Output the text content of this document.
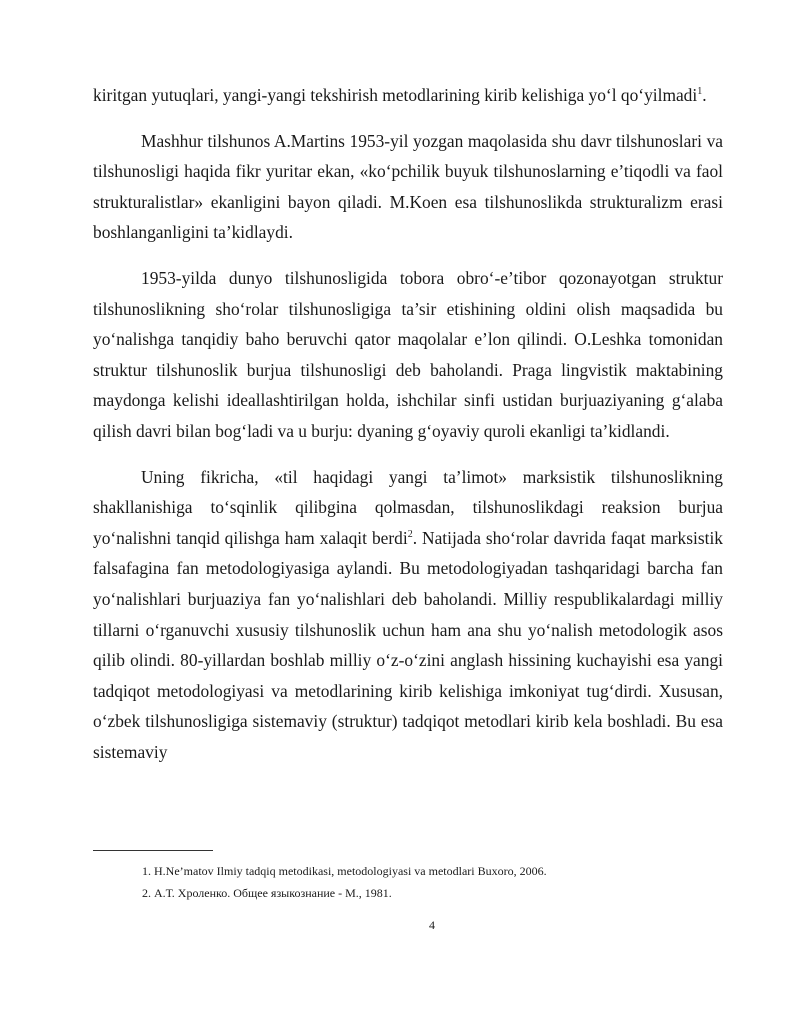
kiritgan yutuqlari, yangi-yangi tekshirish metodlarining kirib kelishiga yo‘l qo‘yilmadi$^1$.

Mashhur tilshunos A.Martins 1953-yil yozgan maqolasida shu davr tilshunoslari va tilshunosligi haqida fikr yuritar ekan, «ko‘pchilik buyuk tilshunoslarning e’tiqodli va faol strukturalistlar» ekanligini bayon qiladi. M.Koen esa tilshunoslikda strukturalizm erasi boshlanganligini ta’kidlaydi.

1953-yilda dunyo tilshunosligida tobora obro‘-e’tibor qozonayotgan struktur tilshunoslikning sho‘rolar tilshunosligiga ta’sir etishining oldini olish maqsadida bu yo‘nalishga tanqidiy baho beruvchi qator maqolalar e’lon qilindi. O.Leshka tomonidan struktur tilshunoslik burjua tilshunosligi deb baholandi. Praga lingvistik maktabining maydonga kelishi ideallashtirilgan holda, ishchilar sinfi ustidan burjuaziyaning g‘alaba qilish davri bilan bog‘ladi va u burju: dyaning g‘oyaviy quroli ekanligi ta’kidlandi.

Uning fikricha, «til haqidagi yangi ta’limot» marksistik tilshunoslikning shakllanishiga to‘sqinlik qilibgina qolmasdan, tilshunoslikdagi reaksion burjua yo‘nalishni tanqid qilishga ham xalaqit berdi$^2$. Natijada sho‘rolar davrida faqat marksistik falsafagina fan metodologiyasiga aylandi. Bu metodologiyadan tashqaridagi barcha fan yo‘nalishlari burjuaziya fan yo‘nalishlari deb baholandi. Milliy respublikalardagi milliy tillarni o‘rganuvchi xususiy tilshunoslik uchun ham ana shu yo‘nalish metodologik asos qilib olindi. 80-yillardan boshlab milliy o‘z-o‘zini anglash hissining kuchayishi esa yangi tadqiqot metodologiyasi va metodlarining kirib kelishiga imkoniyat tug‘dirdi. Xususan, o‘zbek tilshunosligiga sistemaviy (struktur) tadqiqot metodlari kirib kela boshladi. Bu esa sistemaviy

1. H.Ne’matov Ilmiy tadqiq metodikasi, metodologiyasi va metodlari Buxoro, 2006.

2. А.Т. Хроленко. Общее языкознание - М., 1981.

4
